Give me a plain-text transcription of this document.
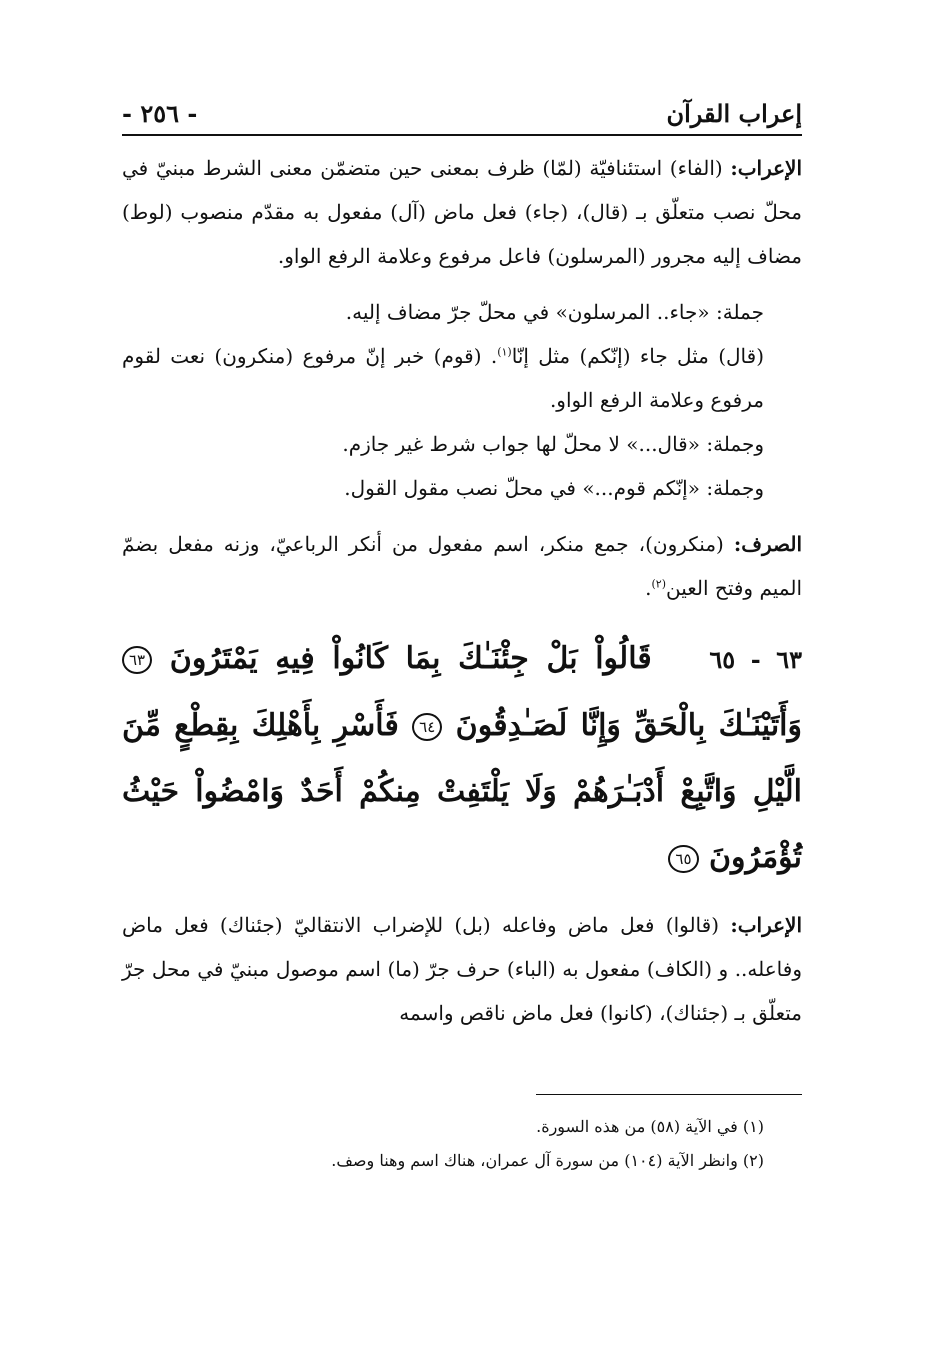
إعراب القرآن
- ٢٥٦ -

الإعراب: (الفاء) استئنافيّة (لمّا) ظرف بمعنى حين متضمّن معنى الشرط مبنيّ في محلّ نصب متعلّق بـ (قال)، (جاء) فعل ماض (آل) مفعول به مقدّم منصوب (لوط) مضاف إليه مجرور (المرسلون) فاعل مرفوع وعلامة الرفع الواو.

جملة: «جاء.. المرسلون» في محلّ جرّ مضاف إليه.

(قال) مثل جاء (إنّكم) مثل إنّا$^{(١)}$. (قوم) خبر إنّ مرفوع (منكرون) نعت لقوم مرفوع وعلامة الرفع الواو.

وجملة: «قال...» لا محلّ لها جواب شرط غير جازم.

وجملة: «إنّكم قوم...» في محلّ نصب مقول القول.

الصرف: (منكرون)، جمع منكر، اسم مفعول من أنكر الرباعيّ، وزنه مفعل بضمّ الميم وفتح العين$^{(٢)}$.

٦٣ - ٦٥ قَالُواْ بَلْ جِئْنَـٰكَ بِمَا كَانُواْ فِيهِ يَمْتَرُونَ ٦٣ وَأَتَيْنَـٰكَ بِالْحَقِّ وَإِنَّا لَصَـٰدِقُونَ ٦٤ فَأَسْرِ بِأَهْلِكَ بِقِطْعٍ مِّنَ الَّيْلِ وَاتَّبِعْ أَدْبَـٰرَهُمْ وَلَا يَلْتَفِتْ مِنكُمْ أَحَدٌ وَامْضُواْ حَيْثُ تُؤْمَرُونَ ٦٥

الإعراب: (قالوا) فعل ماض وفاعله (بل) للإضراب الانتقاليّ (جئناك) فعل ماض وفاعله.. و (الكاف) مفعول به (الباء) حرف جرّ (ما) اسم موصول مبنيّ في محل جرّ متعلّق بـ (جئناك)، (كانوا) فعل ماض ناقص واسمه

(١) في الآية (٥٨) من هذه السورة.

(٢) وانظر الآية (١٠٤) من سورة آل عمران، هناك اسم وهنا وصف.
